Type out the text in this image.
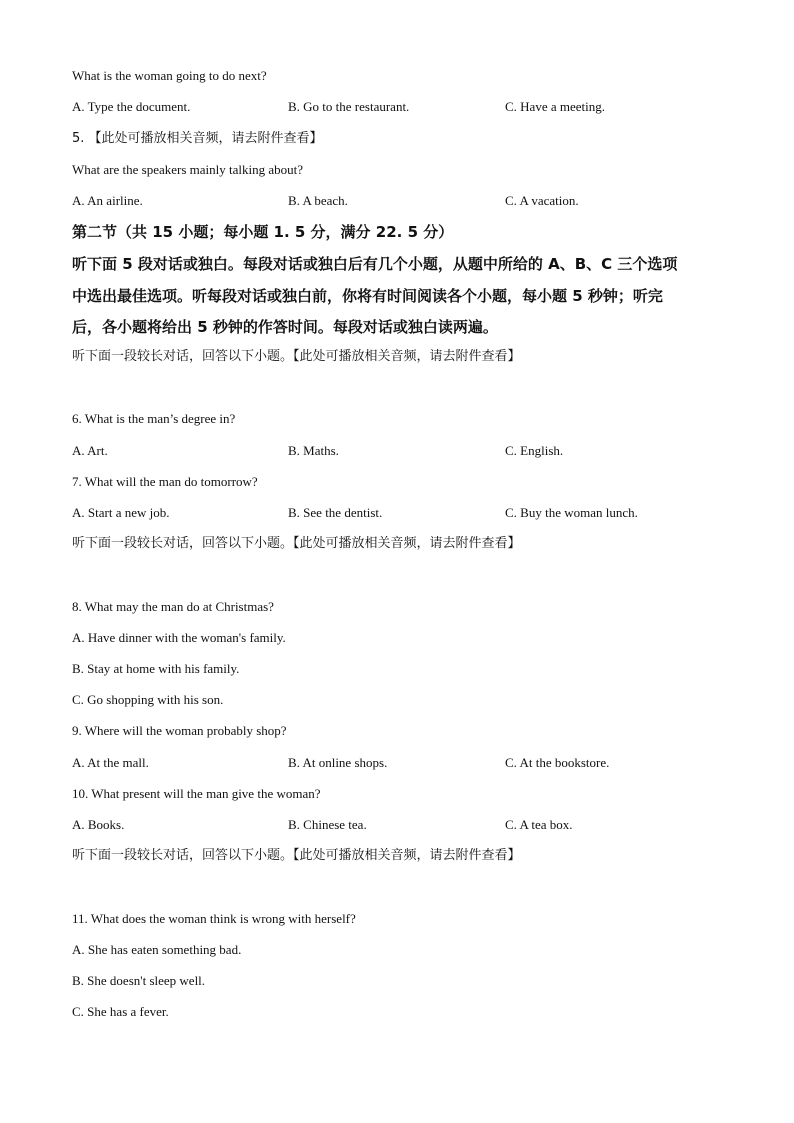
What is the woman going to do next?
A. Type the document.	B. Go to the restaurant.	C. Have a meeting.
5. 【此处可播放相关音频，请去附件查看】
What are the speakers mainly talking about?
A. An airline.	B. A beach.	C. A vacation.
第二节（共 15 小题；每小题 1. 5 分，满分 22. 5 分）
听下面 5 段对话或独白。每段对话或独白后有几个小题，从题中所给的 A、B、C 三个选项
中选出最佳选项。听每段对话或独白前，你将有时间阅读各个小题，每小题 5 秒钟；听完
后，各小题将给出 5 秒钟的作答时间。每段对话或独白读两遍。
听下面一段较长对话，回答以下小题。【此处可播放相关音频，请去附件查看】
6. What is the man’s degree in?
A. Art.	B. Maths.	C. English.
7. What will the man do tomorrow?
A. Start a new job.	B. See the dentist.	C. Buy the woman lunch.
听下面一段较长对话，回答以下小题。【此处可播放相关音频，请去附件查看】
8. What may the man do at Christmas?
A. Have dinner with the woman's family.
B. Stay at home with his family.
C. Go shopping with his son.
9. Where will the woman probably shop?
A. At the mall.	B. At online shops.	C. At the bookstore.
10. What present will the man give the woman?
A. Books.	B. Chinese tea.	C. A tea box.
听下面一段较长对话，回答以下小题。【此处可播放相关音频，请去附件查看】
11. What does the woman think is wrong with herself?
A. She has eaten something bad.
B. She doesn't sleep well.
C. She has a fever.
